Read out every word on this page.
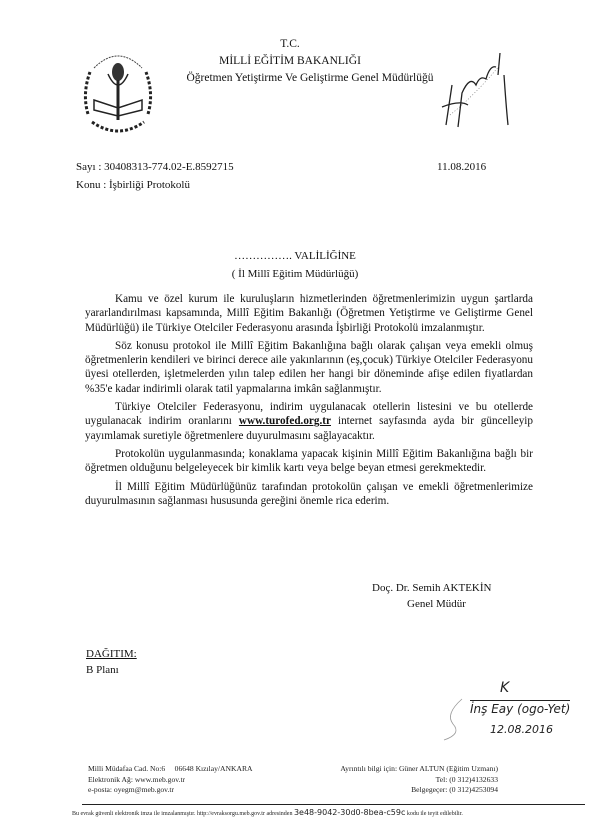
T.C.
MİLLİ EĞİTİM BAKANLIĞI
Öğretmen Yetiştirme Ve Geliştirme Genel Müdürlüğü
Sayı : 30408313-774.02-E.8592715
Konu : İşbirliği Protokolü
11.08.2016
……………. VALİLİĞİNE
( İl Millî Eğitim Müdürlüğü)

Kamu ve özel kurum ile kuruluşların hizmetlerinden öğretmenlerimizin uygun şartlarda yararlandırılması kapsamında, Millî Eğitim Bakanlığı (Öğretmen Yetiştirme ve Geliştirme Genel Müdürlüğü) ile Türkiye Otelciler Federasyonu arasında İşbirliği Protokolü imzalanmıştır.

Söz konusu protokol ile Millî Eğitim Bakanlığına bağlı olarak çalışan veya emekli olmuş öğretmenlerin kendileri ve birinci derece aile yakınlarının (eş,çocuk) Türkiye Otelciler Federasyonu üyesi otellerden, işletmelerden yılın talep edilen her hangi bir döneminde afişe edilen fiyatlardan %35'e kadar indirimli olarak tatil yapmalarına imkân sağlanmıştır.

Türkiye Otelciler Federasyonu, indirim uygulanacak otellerin listesini ve bu otellerde uygulanacak indirim oranlarını www.turofed.org.tr internet sayfasında ayda bir güncelleyip yayımlamak suretiyle öğretmenlere duyurulmasını sağlayacaktır.

Protokolün uygulanmasında; konaklama yapacak kişinin Millî Eğitim Bakanlığına bağlı bir öğretmen olduğunu belgeleyecek bir kimlik kartı veya belge beyan etmesi gerekmektedir.

İl Millî Eğitim Müdürlüğünüz tarafından protokolün çalışan ve emekli öğretmenlerimize duyurulmasının sağlanması hususunda gereğini önemle rica ederim.

Doç. Dr. Semih AKTEKİN
Genel Müdür
DAĞITIM:
B Planı
K
İnş Eay (ogo-Yet)
12.08.2016
Milli Müdafaa Cad. No:6     06648 Kızılay/ANKARA
Elektronik Ağ: www.meb.gov.tr
e-posta: oyegm@meb.gov.tr
Ayrıntılı bilgi için: Güner ALTUN (Eğitim Uzmanı)
Tel: (0 312)4132633
Belgegeçer: (0 312)4253094
Bu evrak güvenli elektronik imza ile imzalanmıştır. http://evraksorgu.meb.gov.tr adresinden 3e48-9042-30d0-8bea-c59c kodu ile teyit edilebilir.
